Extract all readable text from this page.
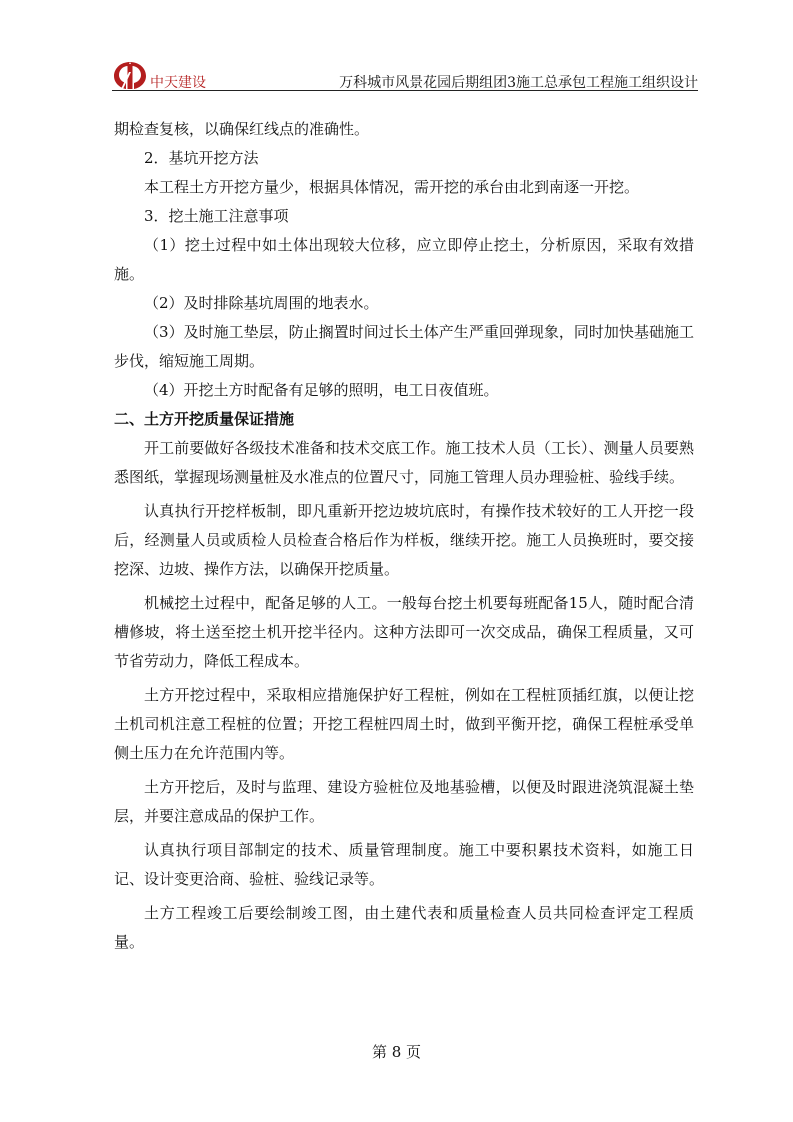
中天建设	万科城市风景花园后期组团3施工总承包工程施工组织设计

期检查复核，以确保红线点的准确性。

2．基坑开挖方法

本工程土方开挖方量少，根据具体情况，需开挖的承台由北到南逐一开挖。

3．挖土施工注意事项

（1）挖土过程中如土体出现较大位移，应立即停止挖土，分析原因，采取有效措施。

（2）及时排除基坑周围的地表水。

（3）及时施工垫层，防止搁置时间过长土体产生严重回弹现象，同时加快基础施工步伐，缩短施工周期。

（4）开挖土方时配备有足够的照明，电工日夜值班。

二、土方开挖质量保证措施

开工前要做好各级技术准备和技术交底工作。施工技术人员（工长）、测量人员要熟悉图纸，掌握现场测量桩及水准点的位置尺寸，同施工管理人员办理验桩、验线手续。

认真执行开挖样板制，即凡重新开挖边坡坑底时，有操作技术较好的工人开挖一段后，经测量人员或质检人员检查合格后作为样板，继续开挖。施工人员换班时，要交接挖深、边坡、操作方法，以确保开挖质量。

机械挖土过程中，配备足够的人工。一般每台挖土机要每班配备15人，随时配合清槽修坡，将土送至挖土机开挖半径内。这种方法即可一次交成品，确保工程质量，又可节省劳动力，降低工程成本。

土方开挖过程中，采取相应措施保护好工程桩，例如在工程桩顶插红旗，以便让挖土机司机注意工程桩的位置；开挖工程桩四周土时，做到平衡开挖，确保工程桩承受单侧土压力在允许范围内等。

土方开挖后，及时与监理、建设方验桩位及地基验槽，以便及时跟进浇筑混凝土垫层，并要注意成品的保护工作。

认真执行项目部制定的技术、质量管理制度。施工中要积累技术资料，如施工日记、设计变更洽商、验桩、验线记录等。

土方工程竣工后要绘制竣工图，由土建代表和质量检查人员共同检查评定工程质量。

第 8 页
